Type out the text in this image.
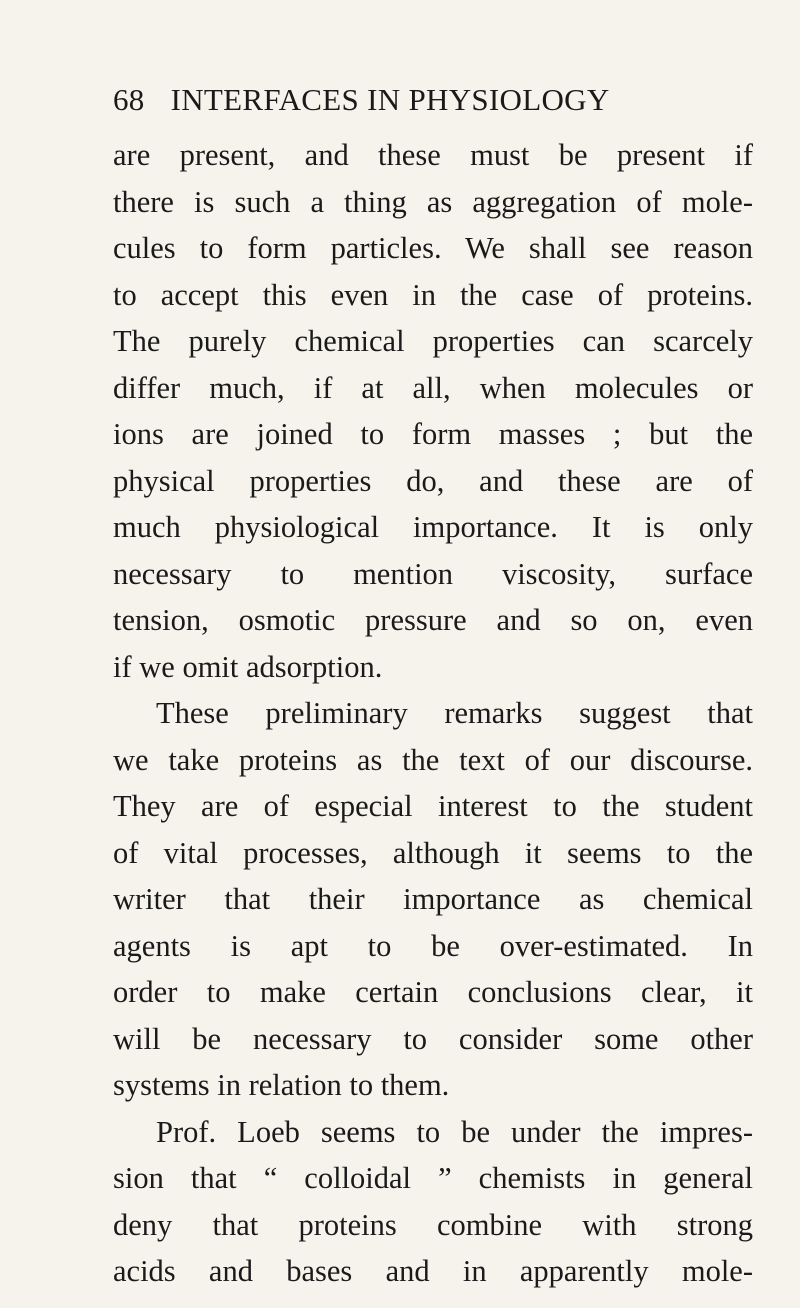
68 INTERFACES IN PHYSIOLOGY
are present, and these must be present if
there is such a thing as aggregation of mole-
cules to form particles. We shall see reason
to accept this even in the case of proteins.
The purely chemical properties can scarcely
differ much, if at all, when molecules or
ions are joined to form masses ; but the
physical properties do, and these are of
much physiological importance. It is only
necessary to mention viscosity, surface
tension, osmotic pressure and so on, even
if we omit adsorption.
These preliminary remarks suggest that
we take proteins as the text of our discourse.
They are of especial interest to the student
of vital processes, although it seems to the
writer that their importance as chemical
agents is apt to be over-estimated. In
order to make certain conclusions clear, it
will be necessary to consider some other
systems in relation to them.
Prof. Loeb seems to be under the impres-
sion that “ colloidal ” chemists in general
deny that proteins combine with strong
acids and bases and in apparently mole-
